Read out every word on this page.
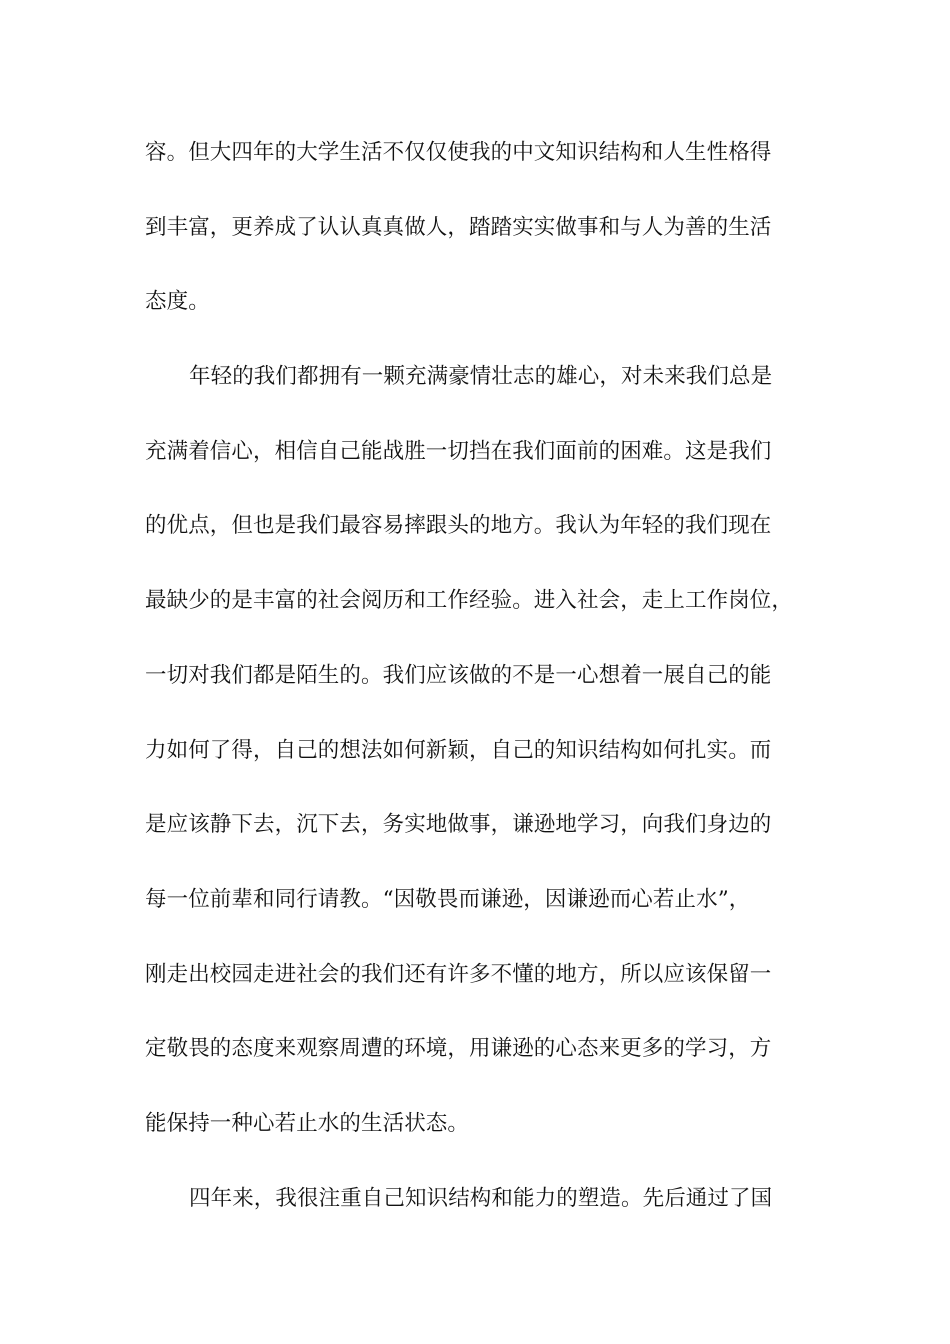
容。但大四年的大学生活不仅仅使我的中文知识结构和人生性格得
到丰富，更养成了认认真真做人，踏踏实实做事和与人为善的生活
态度。
年轻的我们都拥有一颗充满豪情壮志的雄心，对未来我们总是
充满着信心，相信自己能战胜一切挡在我们面前的困难。这是我们
的优点，但也是我们最容易摔跟头的地方。我认为年轻的我们现在
最缺少的是丰富的社会阅历和工作经验。进入社会，走上工作岗位，
一切对我们都是陌生的。我们应该做的不是一心想着一展自己的能
力如何了得，自己的想法如何新颖，自己的知识结构如何扎实。而
是应该静下去，沉下去，务实地做事，谦逊地学习，向我们身边的
每一位前辈和同行请教。“因敬畏而谦逊，因谦逊而心若止水”，
刚走出校园走进社会的我们还有许多不懂的地方，所以应该保留一
定敬畏的态度来观察周遭的环境，用谦逊的心态来更多的学习，方
能保持一种心若止水的生活状态。
四年来，我很注重自己知识结构和能力的塑造。先后通过了国
